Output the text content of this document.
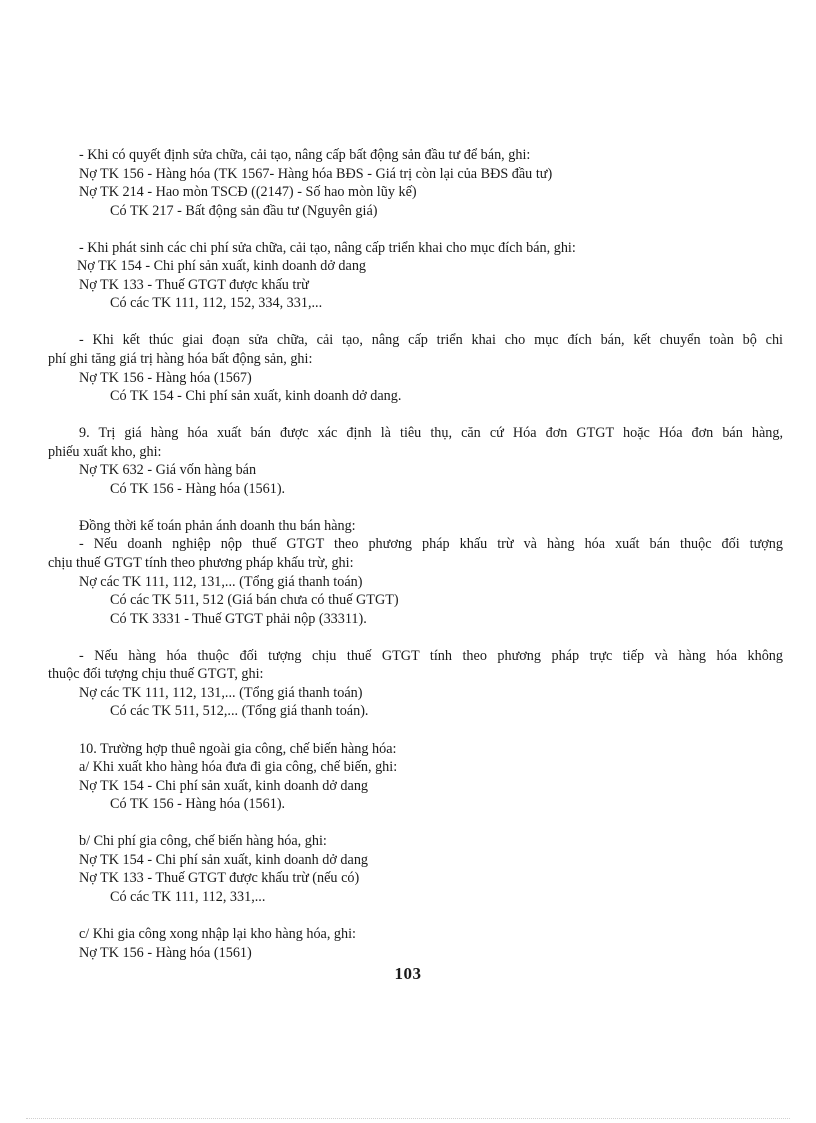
- Khi có quyết định sửa chữa, cải tạo, nâng cấp bất động sản đầu tư để bán, ghi:
Nợ TK 156 - Hàng hóa (TK 1567- Hàng hóa BĐS - Giá trị còn lại của BĐS đầu tư)
Nợ TK 214 - Hao mòn TSCĐ ((2147) - Số hao mòn lũy kế)
Có TK 217 - Bất động sản đầu tư (Nguyên giá)
- Khi phát sinh các chi phí sửa chữa, cải tạo, nâng cấp triển khai cho mục đích bán, ghi:
Nợ TK 154 - Chi phí sản xuất, kinh doanh dở dang
Nợ TK 133 - Thuế GTGT được khấu trừ
Có các TK 111, 112, 152, 334, 331,...
- Khi kết thúc giai đoạn sửa chữa, cải tạo, nâng cấp triển khai cho mục đích bán, kết chuyển toàn bộ chi
phí ghi tăng giá trị hàng hóa bất động sản, ghi:
Nợ TK 156 - Hàng hóa (1567)
Có TK 154 - Chi phí sản xuất, kinh doanh dở dang.
9. Trị giá hàng hóa xuất bán được xác định là tiêu thụ, căn cứ Hóa đơn GTGT hoặc Hóa đơn bán hàng,
phiếu xuất kho, ghi:
Nợ TK 632 - Giá vốn hàng bán
Có TK 156 - Hàng hóa (1561).
Đồng thời kế toán phản ánh doanh thu bán hàng:
- Nếu doanh nghiệp nộp thuế GTGT theo phương pháp khấu trừ và hàng hóa xuất bán thuộc đối tượng
chịu thuế GTGT tính theo phương pháp khấu trừ, ghi:
Nợ các TK 111, 112, 131,... (Tổng giá thanh toán)
Có các TK 511, 512 (Giá bán chưa có thuế GTGT)
Có TK 3331 - Thuế GTGT phải nộp (33311).
- Nếu hàng hóa thuộc đối tượng chịu thuế GTGT tính theo phương pháp trực tiếp và hàng hóa không
thuộc đối tượng chịu thuế GTGT, ghi:
Nợ các TK 111, 112, 131,... (Tổng giá thanh toán)
Có các TK 511, 512,... (Tổng giá thanh toán).
10. Trường hợp thuê ngoài gia công, chế biến hàng hóa:
a/ Khi xuất kho hàng hóa đưa đi gia công, chế biến, ghi:
Nợ TK 154 - Chi phí sản xuất, kinh doanh dở dang
Có TK 156 - Hàng hóa (1561).
b/ Chi phí gia công, chế biến hàng hóa, ghi:
Nợ TK 154 - Chi phí sản xuất, kinh doanh dở dang
Nợ TK 133 - Thuế GTGT được khấu trừ (nếu có)
Có các TK 111, 112, 331,...
c/ Khi gia công xong nhập lại kho hàng hóa, ghi:
Nợ TK 156 - Hàng hóa (1561)
103
